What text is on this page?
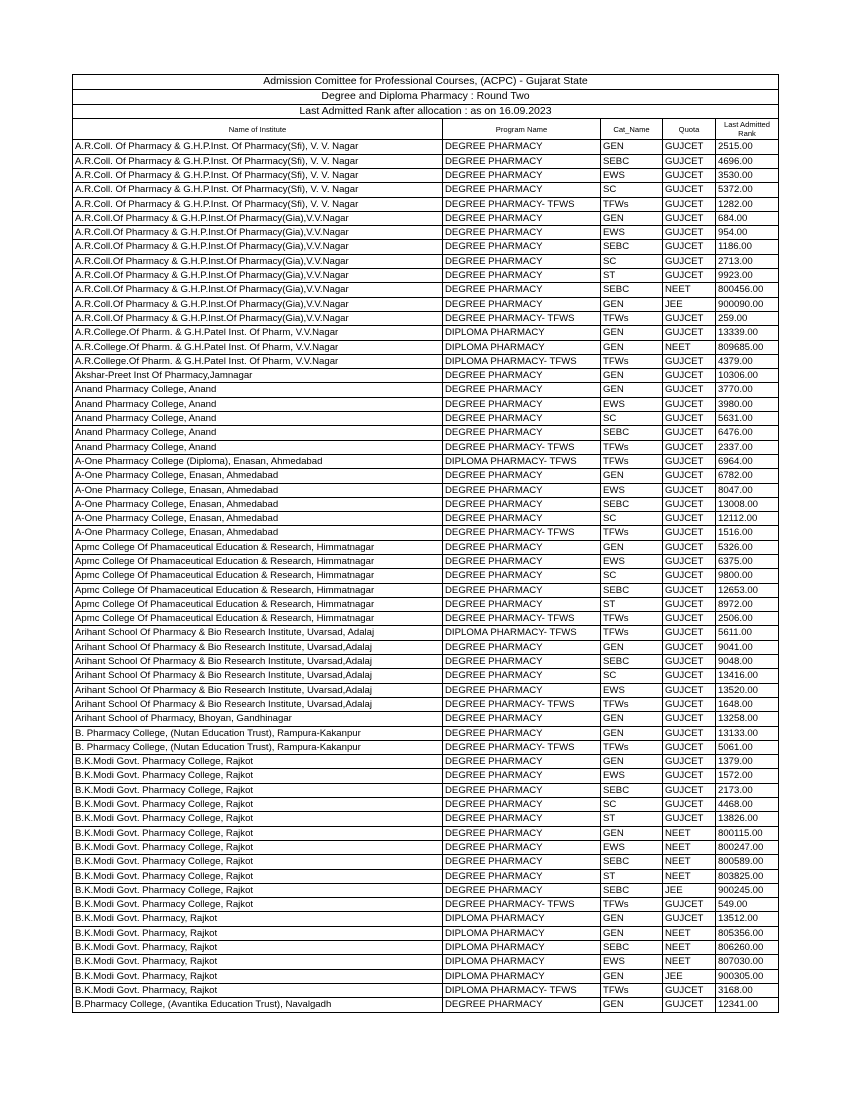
Admission Comittee for Professional Courses, (ACPC) - Gujarat State				
Degree and Diploma Pharmacy : Round Two				
Last Admitted Rank after allocation : as on 16.09.2023				
Name of Institute	Program Name	Cat_Name	Quota	Last Admitted Rank
A.R.Coll. Of Pharmacy & G.H.P.Inst. Of Pharmacy(Sfi), V. V. Nagar	DEGREE PHARMACY	GEN	GUJCET	2515.00
A.R.Coll. Of Pharmacy & G.H.P.Inst. Of Pharmacy(Sfi), V. V. Nagar	DEGREE PHARMACY	SEBC	GUJCET	4696.00
A.R.Coll. Of Pharmacy & G.H.P.Inst. Of Pharmacy(Sfi), V. V. Nagar	DEGREE PHARMACY	EWS	GUJCET	3530.00
A.R.Coll. Of Pharmacy & G.H.P.Inst. Of Pharmacy(Sfi), V. V. Nagar	DEGREE PHARMACY	SC	GUJCET	5372.00
A.R.Coll. Of Pharmacy & G.H.P.Inst. Of Pharmacy(Sfi), V. V. Nagar	DEGREE PHARMACY- TFWS	TFWs	GUJCET	1282.00
A.R.Coll.Of Pharmacy & G.H.P.Inst.Of Pharmacy(Gia),V.V.Nagar	DEGREE PHARMACY	GEN	GUJCET	684.00
A.R.Coll.Of Pharmacy & G.H.P.Inst.Of Pharmacy(Gia),V.V.Nagar	DEGREE PHARMACY	EWS	GUJCET	954.00
A.R.Coll.Of Pharmacy & G.H.P.Inst.Of Pharmacy(Gia),V.V.Nagar	DEGREE PHARMACY	SEBC	GUJCET	1186.00
A.R.Coll.Of Pharmacy & G.H.P.Inst.Of Pharmacy(Gia),V.V.Nagar	DEGREE PHARMACY	SC	GUJCET	2713.00
A.R.Coll.Of Pharmacy & G.H.P.Inst.Of Pharmacy(Gia),V.V.Nagar	DEGREE PHARMACY	ST	GUJCET	9923.00
A.R.Coll.Of Pharmacy & G.H.P.Inst.Of Pharmacy(Gia),V.V.Nagar	DEGREE PHARMACY	SEBC	NEET	800456.00
A.R.Coll.Of Pharmacy & G.H.P.Inst.Of Pharmacy(Gia),V.V.Nagar	DEGREE PHARMACY	GEN	JEE	900090.00
A.R.Coll.Of Pharmacy & G.H.P.Inst.Of Pharmacy(Gia),V.V.Nagar	DEGREE PHARMACY- TFWS	TFWs	GUJCET	259.00
A.R.College.Of Pharm. & G.H.Patel Inst. Of Pharm, V.V.Nagar	DIPLOMA PHARMACY	GEN	GUJCET	13339.00
A.R.College.Of Pharm. & G.H.Patel Inst. Of Pharm, V.V.Nagar	DIPLOMA PHARMACY	GEN	NEET	809685.00
A.R.College.Of Pharm. & G.H.Patel Inst. Of Pharm, V.V.Nagar	DIPLOMA PHARMACY- TFWS	TFWs	GUJCET	4379.00
Akshar-Preet Inst Of Pharmacy,Jamnagar	DEGREE PHARMACY	GEN	GUJCET	10306.00
Anand Pharmacy College, Anand	DEGREE PHARMACY	GEN	GUJCET	3770.00
Anand Pharmacy College, Anand	DEGREE PHARMACY	EWS	GUJCET	3980.00
Anand Pharmacy College, Anand	DEGREE PHARMACY	SC	GUJCET	5631.00
Anand Pharmacy College, Anand	DEGREE PHARMACY	SEBC	GUJCET	6476.00
Anand Pharmacy College, Anand	DEGREE PHARMACY- TFWS	TFWs	GUJCET	2337.00
A-One Pharmacy College (Diploma), Enasan, Ahmedabad	DIPLOMA PHARMACY- TFWS	TFWs	GUJCET	6964.00
A-One Pharmacy College, Enasan, Ahmedabad	DEGREE PHARMACY	GEN	GUJCET	6782.00
A-One Pharmacy College, Enasan, Ahmedabad	DEGREE PHARMACY	EWS	GUJCET	8047.00
A-One Pharmacy College, Enasan, Ahmedabad	DEGREE PHARMACY	SEBC	GUJCET	13008.00
A-One Pharmacy College, Enasan, Ahmedabad	DEGREE PHARMACY	SC	GUJCET	12112.00
A-One Pharmacy College, Enasan, Ahmedabad	DEGREE PHARMACY- TFWS	TFWs	GUJCET	1516.00
Apmc College Of Phamaceutical Education & Research, Himmatnagar	DEGREE PHARMACY	GEN	GUJCET	5326.00
Apmc College Of Phamaceutical Education & Research, Himmatnagar	DEGREE PHARMACY	EWS	GUJCET	6375.00
Apmc College Of Phamaceutical Education & Research, Himmatnagar	DEGREE PHARMACY	SC	GUJCET	9800.00
Apmc College Of Phamaceutical Education & Research, Himmatnagar	DEGREE PHARMACY	SEBC	GUJCET	12653.00
Apmc College Of Phamaceutical Education & Research, Himmatnagar	DEGREE PHARMACY	ST	GUJCET	8972.00
Apmc College Of Phamaceutical Education & Research, Himmatnagar	DEGREE PHARMACY- TFWS	TFWs	GUJCET	2506.00
Arihant School Of Pharmacy & Bio Research Institute, Uvarsad, Adalaj	DIPLOMA PHARMACY- TFWS	TFWs	GUJCET	5611.00
Arihant School Of Pharmacy & Bio Research Institute, Uvarsad,Adalaj	DEGREE PHARMACY	GEN	GUJCET	9041.00
Arihant School Of Pharmacy & Bio Research Institute, Uvarsad,Adalaj	DEGREE PHARMACY	SEBC	GUJCET	9048.00
Arihant School Of Pharmacy & Bio Research Institute, Uvarsad,Adalaj	DEGREE PHARMACY	SC	GUJCET	13416.00
Arihant School Of Pharmacy & Bio Research Institute, Uvarsad,Adalaj	DEGREE PHARMACY	EWS	GUJCET	13520.00
Arihant School Of Pharmacy & Bio Research Institute, Uvarsad,Adalaj	DEGREE PHARMACY- TFWS	TFWs	GUJCET	1648.00
Arihant School of Pharmacy, Bhoyan, Gandhinagar	DEGREE PHARMACY	GEN	GUJCET	13258.00
B. Pharmacy College, (Nutan Education Trust), Rampura-Kakanpur	DEGREE PHARMACY	GEN	GUJCET	13133.00
B. Pharmacy College, (Nutan Education Trust), Rampura-Kakanpur	DEGREE PHARMACY- TFWS	TFWs	GUJCET	5061.00
B.K.Modi Govt. Pharmacy College, Rajkot	DEGREE PHARMACY	GEN	GUJCET	1379.00
B.K.Modi Govt. Pharmacy College, Rajkot	DEGREE PHARMACY	EWS	GUJCET	1572.00
B.K.Modi Govt. Pharmacy College, Rajkot	DEGREE PHARMACY	SEBC	GUJCET	2173.00
B.K.Modi Govt. Pharmacy College, Rajkot	DEGREE PHARMACY	SC	GUJCET	4468.00
B.K.Modi Govt. Pharmacy College, Rajkot	DEGREE PHARMACY	ST	GUJCET	13826.00
B.K.Modi Govt. Pharmacy College, Rajkot	DEGREE PHARMACY	GEN	NEET	800115.00
B.K.Modi Govt. Pharmacy College, Rajkot	DEGREE PHARMACY	EWS	NEET	800247.00
B.K.Modi Govt. Pharmacy College, Rajkot	DEGREE PHARMACY	SEBC	NEET	800589.00
B.K.Modi Govt. Pharmacy College, Rajkot	DEGREE PHARMACY	ST	NEET	803825.00
B.K.Modi Govt. Pharmacy College, Rajkot	DEGREE PHARMACY	SEBC	JEE	900245.00
B.K.Modi Govt. Pharmacy College, Rajkot	DEGREE PHARMACY- TFWS	TFWs	GUJCET	549.00
B.K.Modi Govt. Pharmacy, Rajkot	DIPLOMA PHARMACY	GEN	GUJCET	13512.00
B.K.Modi Govt. Pharmacy, Rajkot	DIPLOMA PHARMACY	GEN	NEET	805356.00
B.K.Modi Govt. Pharmacy, Rajkot	DIPLOMA PHARMACY	SEBC	NEET	806260.00
B.K.Modi Govt. Pharmacy, Rajkot	DIPLOMA PHARMACY	EWS	NEET	807030.00
B.K.Modi Govt. Pharmacy, Rajkot	DIPLOMA PHARMACY	GEN	JEE	900305.00
B.K.Modi Govt. Pharmacy, Rajkot	DIPLOMA PHARMACY- TFWS	TFWs	GUJCET	3168.00
B.Pharmacy College, (Avantika Education Trust), Navalgadh	DEGREE PHARMACY	GEN	GUJCET	12341.00
